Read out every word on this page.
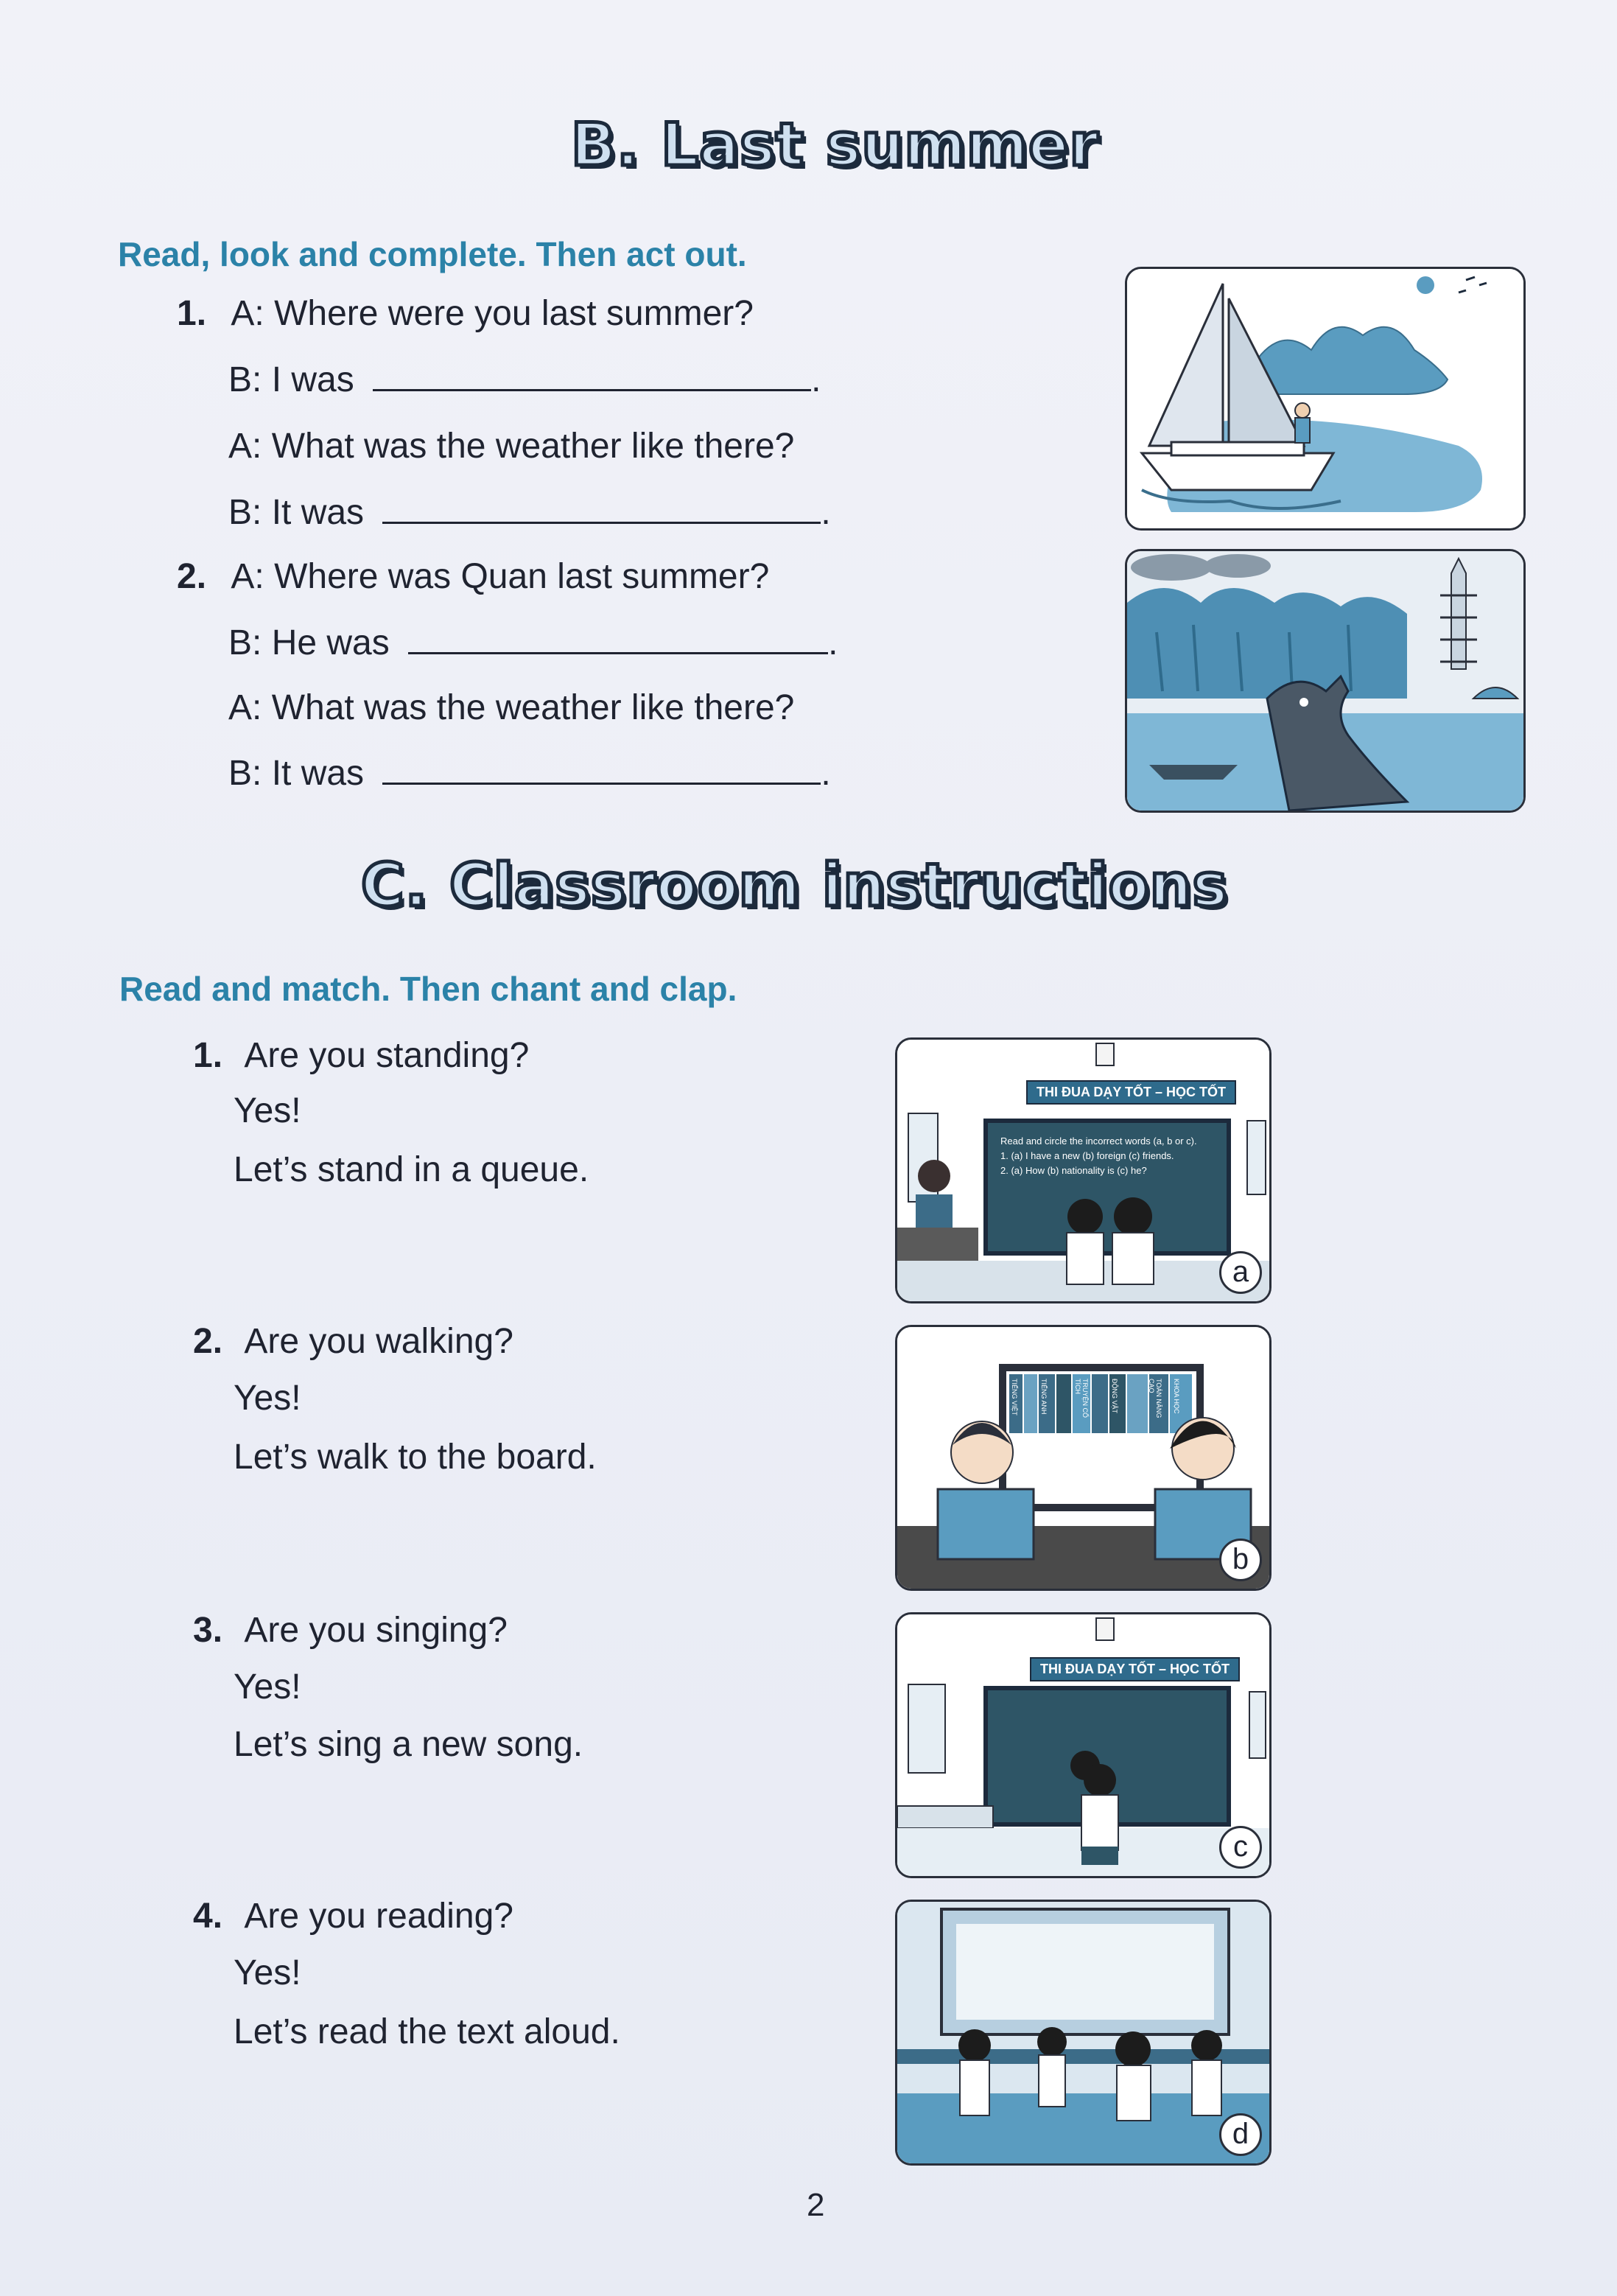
B. Last summer
Read, look and complete. Then act out.
1. A: Where were you last summer?
B: I was	.
A: What was the weather like there?
B: It was	.
2. A: Where was Quan last summer?
B: He was	.
A: What was the weather like there?
B: It was	.
C. Classroom instructions
Read and match. Then chant and clap.
1. Are you standing?
Yes!
Let’s stand in a queue.
2. Are you walking?
Yes!
Let’s walk to the board.
3. Are you singing?
Yes!
Let’s sing a new song.
4. Are you reading?
Yes!
Let’s read the text aloud.
THI ĐUA DẠY TỐT – HỌC TỐT
Read and circle the incorrect words (a, b or c).
1. (a) I have a new (b) foreign (c) friends.
2. (a) How (b) nationality is (c) he?
a
TIẾNG VIỆT	TIẾNG ANH	TRUYỆN CỔ TÍCH	ĐỘNG VẬT	TOÁN NÂNG CAO	KHOA HỌC
b
THI ĐUA DẠY TỐT – HỌC TỐT
c
d
2
